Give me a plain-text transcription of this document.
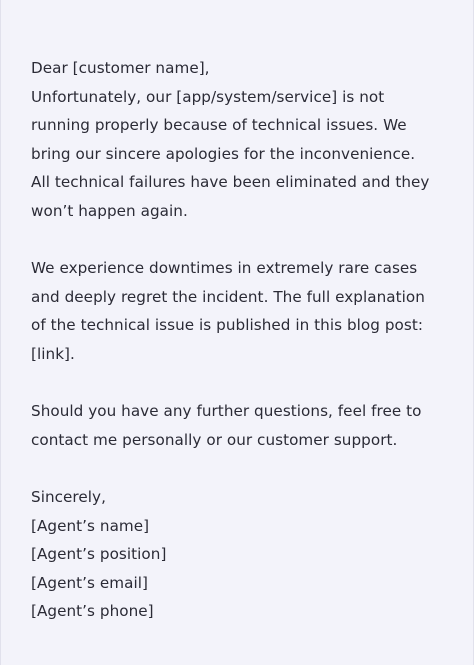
Dear [customer name],
Unfortunately, our [app/system/service] is not
running properly because of technical issues. We
bring our sincere apologies for the inconvenience.
All technical failures have been eliminated and they
won’t happen again.
We experience downtimes in extremely rare cases
and deeply regret the incident. The full explanation
of the technical issue is published in this blog post:
[link].
Should you have any further questions, feel free to
contact me personally or our customer support.
Sincerely,
[Agent’s name]
[Agent’s position]
[Agent’s email]
[Agent’s phone]
